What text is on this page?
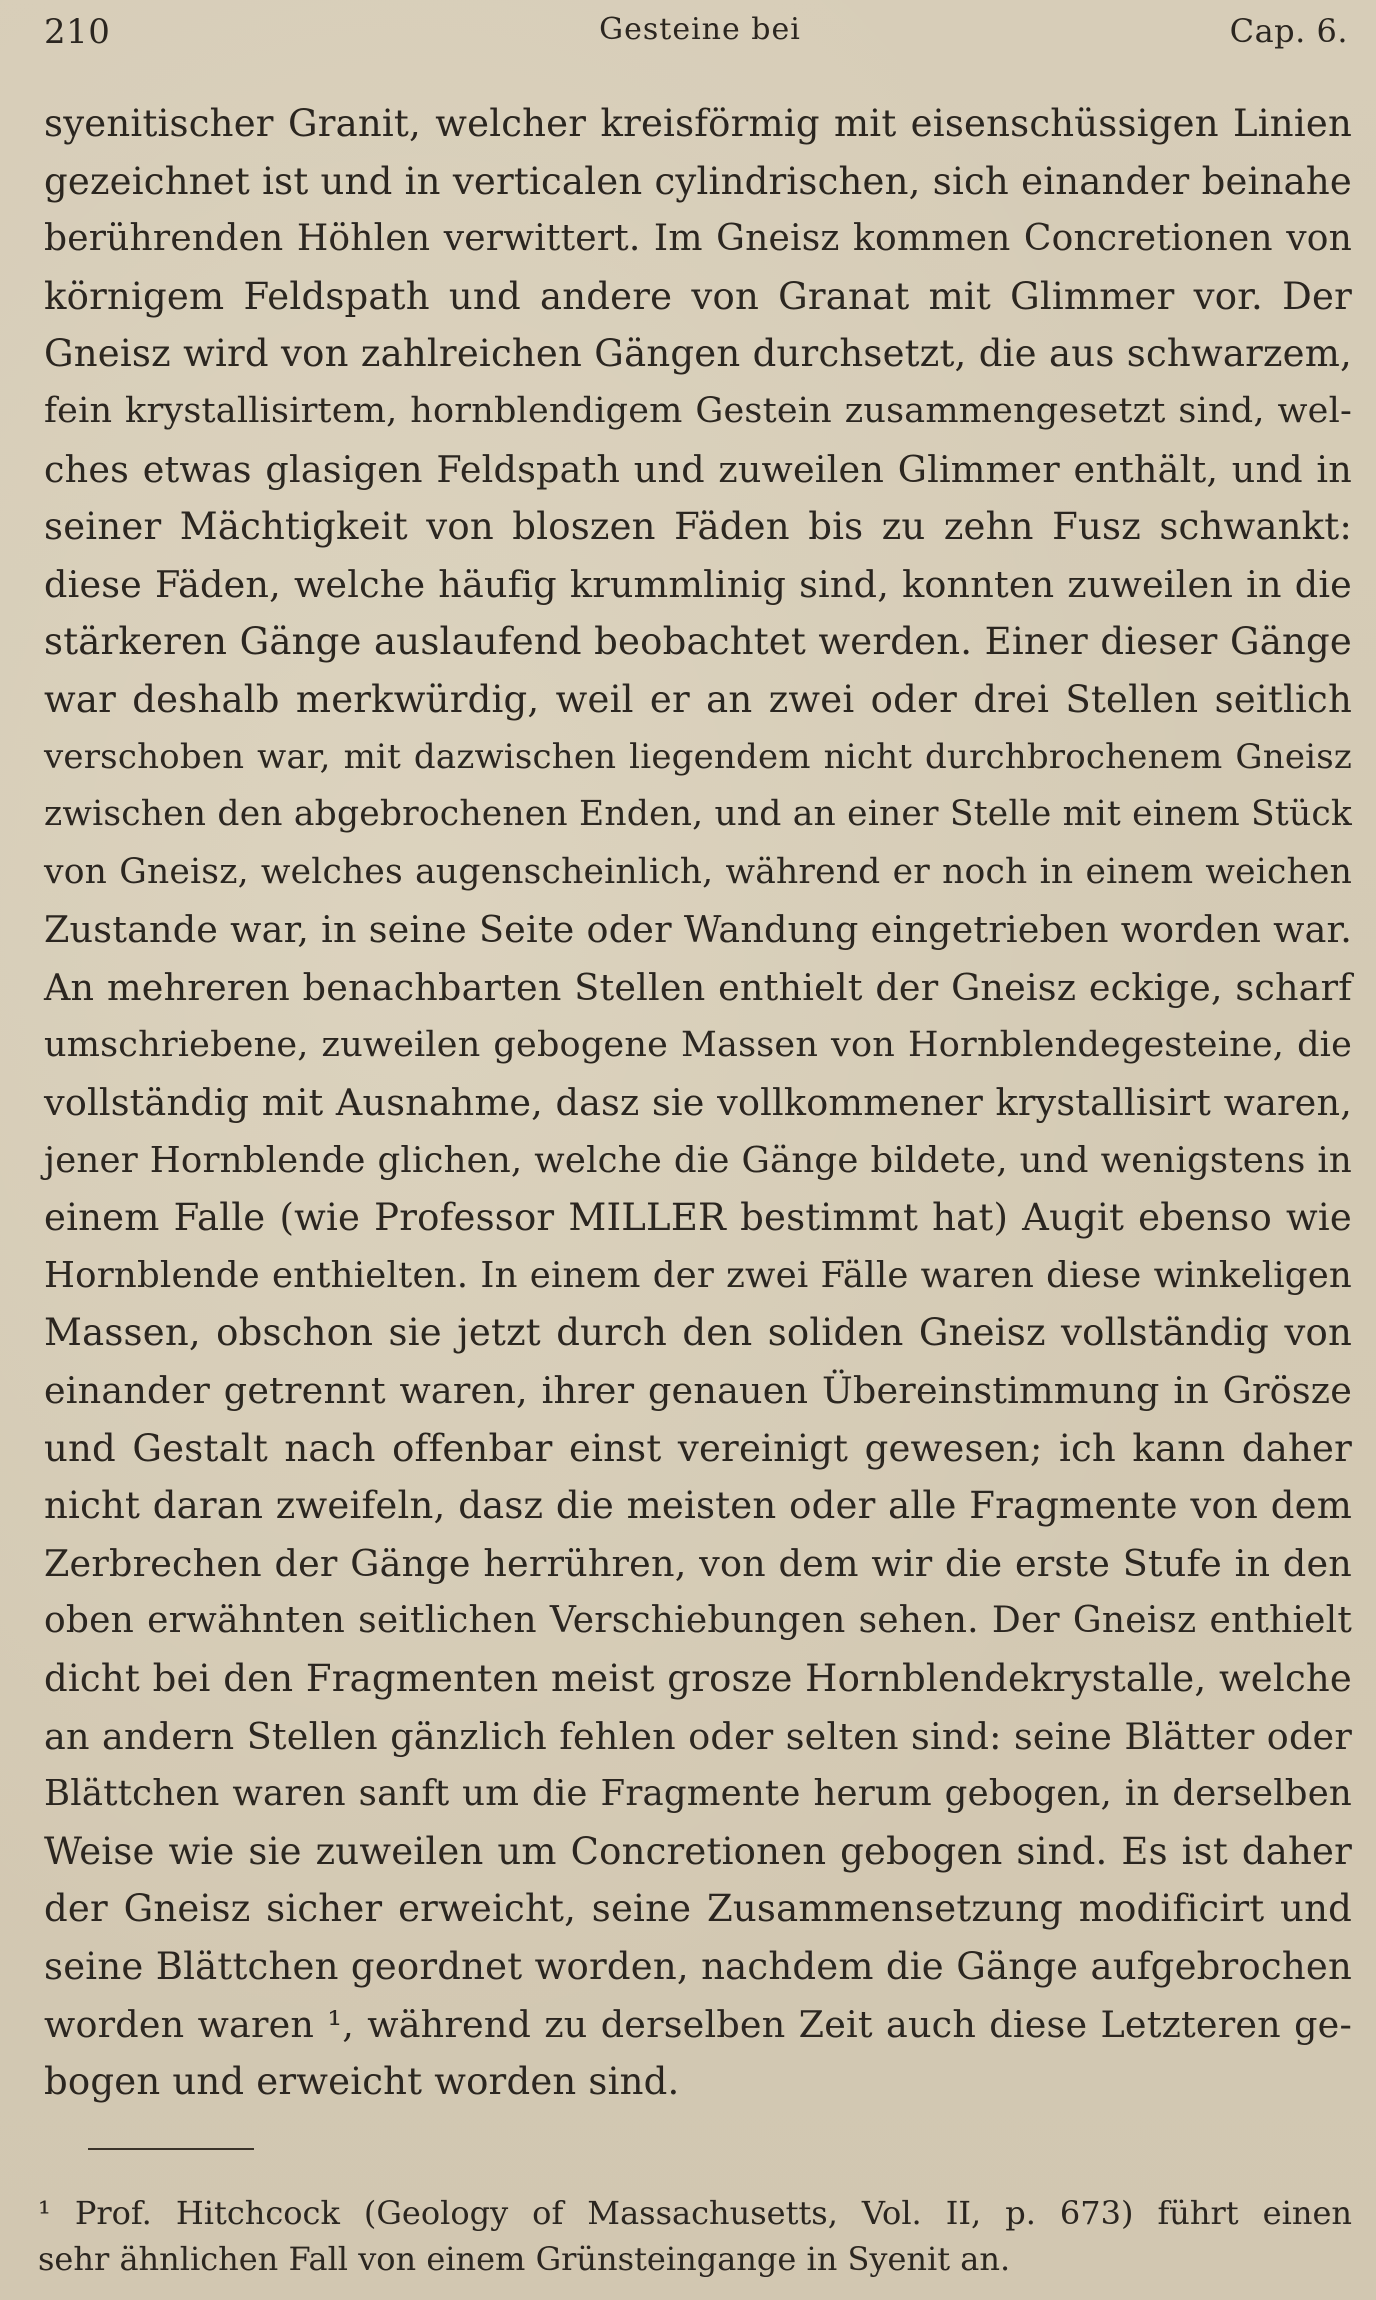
210	Gesteine bei	Cap. 6.
syenitischer Granit, welcher kreisförmig mit eisenschüssigen Linien
gezeichnet ist und in verticalen cylindrischen, sich einander beinahe
berührenden Höhlen verwittert. Im Gneisz kommen Concretionen von
körnigem Feldspath und andere von Granat mit Glimmer vor. Der
Gneisz wird von zahlreichen Gängen durchsetzt, die aus schwarzem,
fein krystallisirtem, hornblendigem Gestein zusammengesetzt sind, wel-
ches etwas glasigen Feldspath und zuweilen Glimmer enthält, und in
seiner Mächtigkeit von bloszen Fäden bis zu zehn Fusz schwankt:
diese Fäden, welche häufig krummlinig sind, konnten zuweilen in die
stärkeren Gänge auslaufend beobachtet werden. Einer dieser Gänge
war deshalb merkwürdig, weil er an zwei oder drei Stellen seitlich
verschoben war, mit dazwischen liegendem nicht durchbrochenem Gneisz
zwischen den abgebrochenen Enden, und an einer Stelle mit einem Stück
von Gneisz, welches augenscheinlich, während er noch in einem weichen
Zustande war, in seine Seite oder Wandung eingetrieben worden war.
An mehreren benachbarten Stellen enthielt der Gneisz eckige, scharf
umschriebene, zuweilen gebogene Massen von Hornblendegesteine, die
vollständig mit Ausnahme, dasz sie vollkommener krystallisirt waren,
jener Hornblende glichen, welche die Gänge bildete, und wenigstens in
einem Falle (wie Professor MILLER bestimmt hat) Augit ebenso wie
Hornblende enthielten. In einem der zwei Fälle waren diese winkeligen
Massen, obschon sie jetzt durch den soliden Gneisz vollständig von
einander getrennt waren, ihrer genauen Übereinstimmung in Grösze
und Gestalt nach offenbar einst vereinigt gewesen; ich kann daher
nicht daran zweifeln, dasz die meisten oder alle Fragmente von dem
Zerbrechen der Gänge herrühren, von dem wir die erste Stufe in den
oben erwähnten seitlichen Verschiebungen sehen. Der Gneisz enthielt
dicht bei den Fragmenten meist grosze Hornblendekrystalle, welche
an andern Stellen gänzlich fehlen oder selten sind: seine Blätter oder
Blättchen waren sanft um die Fragmente herum gebogen, in derselben
Weise wie sie zuweilen um Concretionen gebogen sind. Es ist daher
der Gneisz sicher erweicht, seine Zusammensetzung modificirt und
seine Blättchen geordnet worden, nachdem die Gänge aufgebrochen
worden waren ¹, während zu derselben Zeit auch diese Letzteren ge-
bogen und erweicht worden sind.
¹ Prof. Hitchcock (Geology of Massachusetts, Vol. II, p. 673) führt einen
sehr ähnlichen Fall von einem Grünsteingange in Syenit an.
